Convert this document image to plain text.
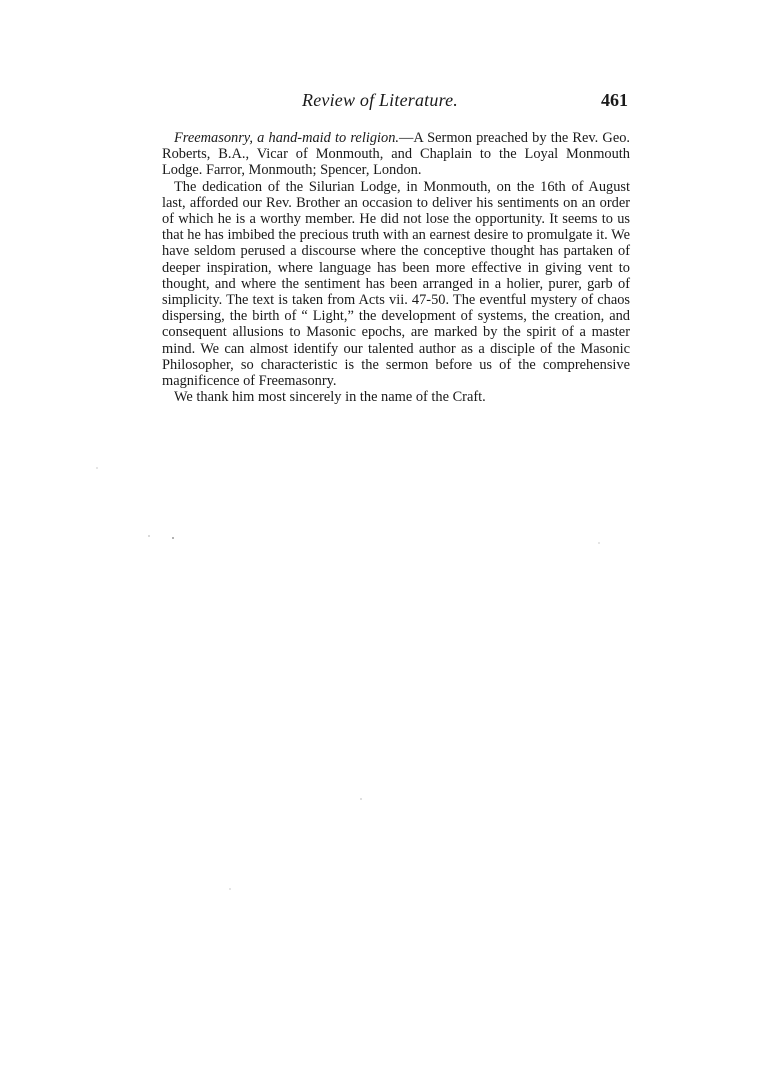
Review of Literature.	461

Freemasonry, a hand-maid to religion.—A Sermon preached by the Rev. Geo. Roberts, B.A., Vicar of Monmouth, and Chaplain to the Loyal Monmouth Lodge. Farror, Monmouth; Spencer, London.

The dedication of the Silurian Lodge, in Monmouth, on the 16th of August last, afforded our Rev. Brother an occasion to deliver his sentiments on an order of which he is a worthy member. He did not lose the opportunity. It seems to us that he has imbibed the precious truth with an earnest desire to promulgate it. We have seldom perused a discourse where the conceptive thought has partaken of deeper inspiration, where language has been more effective in giving vent to thought, and where the sentiment has been arranged in a holier, purer, garb of simplicity. The text is taken from Acts vii. 47-50. The eventful mystery of chaos dispersing, the birth of “ Light,” the development of systems, the creation, and consequent allusions to Masonic epochs, are marked by the spirit of a master mind. We can almost identify our talented author as a disciple of the Masonic Philosopher, so characteristic is the sermon before us of the comprehensive magnificence of Freemasonry.

We thank him most sincerely in the name of the Craft.
